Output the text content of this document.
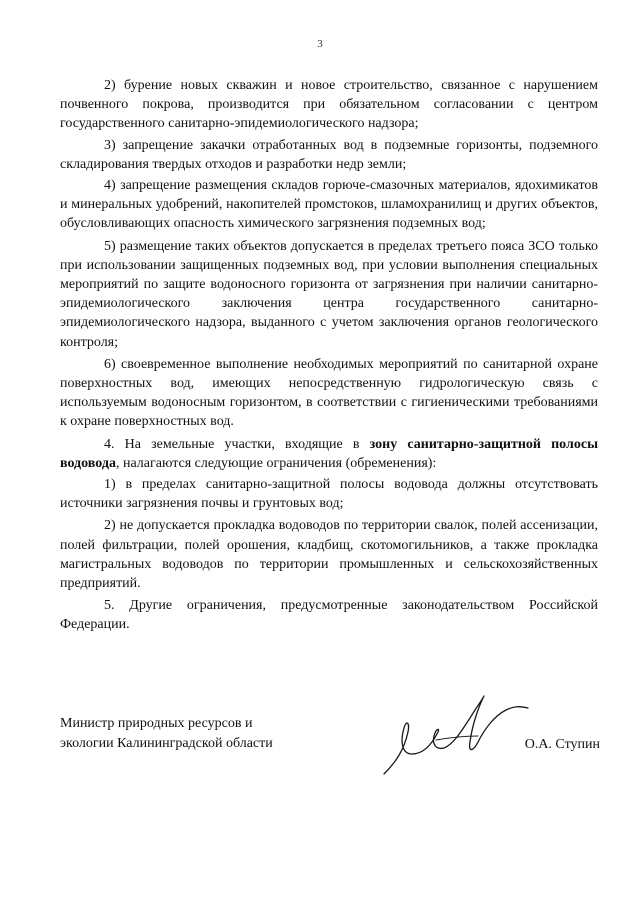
3

2) бурение новых скважин и новое строительство, связанное с нарушением почвенного покрова, производится при обязательном согласовании с центром государственного санитарно-эпидемиологического надзора;

3) запрещение закачки отработанных вод в подземные горизонты, подземного складирования твердых отходов и разработки недр земли;

4) запрещение размещения складов горюче-смазочных материалов, ядохимикатов и минеральных удобрений, накопителей промстоков, шламохранилищ и других объектов, обусловливающих опасность химического загрязнения подземных вод;

5) размещение таких объектов допускается в пределах третьего пояса ЗСО только при использовании защищенных подземных вод, при условии выполнения специальных мероприятий по защите водоносного горизонта от загрязнения при наличии санитарно-эпидемиологического заключения центра государственного санитарно-эпидемиологического надзора, выданного с учетом заключения органов геологического контроля;

6) своевременное выполнение необходимых мероприятий по санитарной охране поверхностных вод, имеющих непосредственную гидрологическую связь с используемым водоносным горизонтом, в соответствии с гигиеническими требованиями к охране поверхностных вод.

4. На земельные участки, входящие в зону санитарно-защитной полосы водовода, налагаются следующие ограничения (обременения):

1) в пределах санитарно-защитной полосы водовода должны отсутствовать источники загрязнения почвы и грунтовых вод;

2) не допускается прокладка водоводов по территории свалок, полей ассенизации, полей фильтрации, полей орошения, кладбищ, скотомогильников, а также прокладка магистральных водоводов по территории промышленных и сельскохозяйственных предприятий.

5. Другие ограничения, предусмотренные законодательством Российской Федерации.

Министр природных ресурсов и
экологии Калининградской области	О.А. Ступин
